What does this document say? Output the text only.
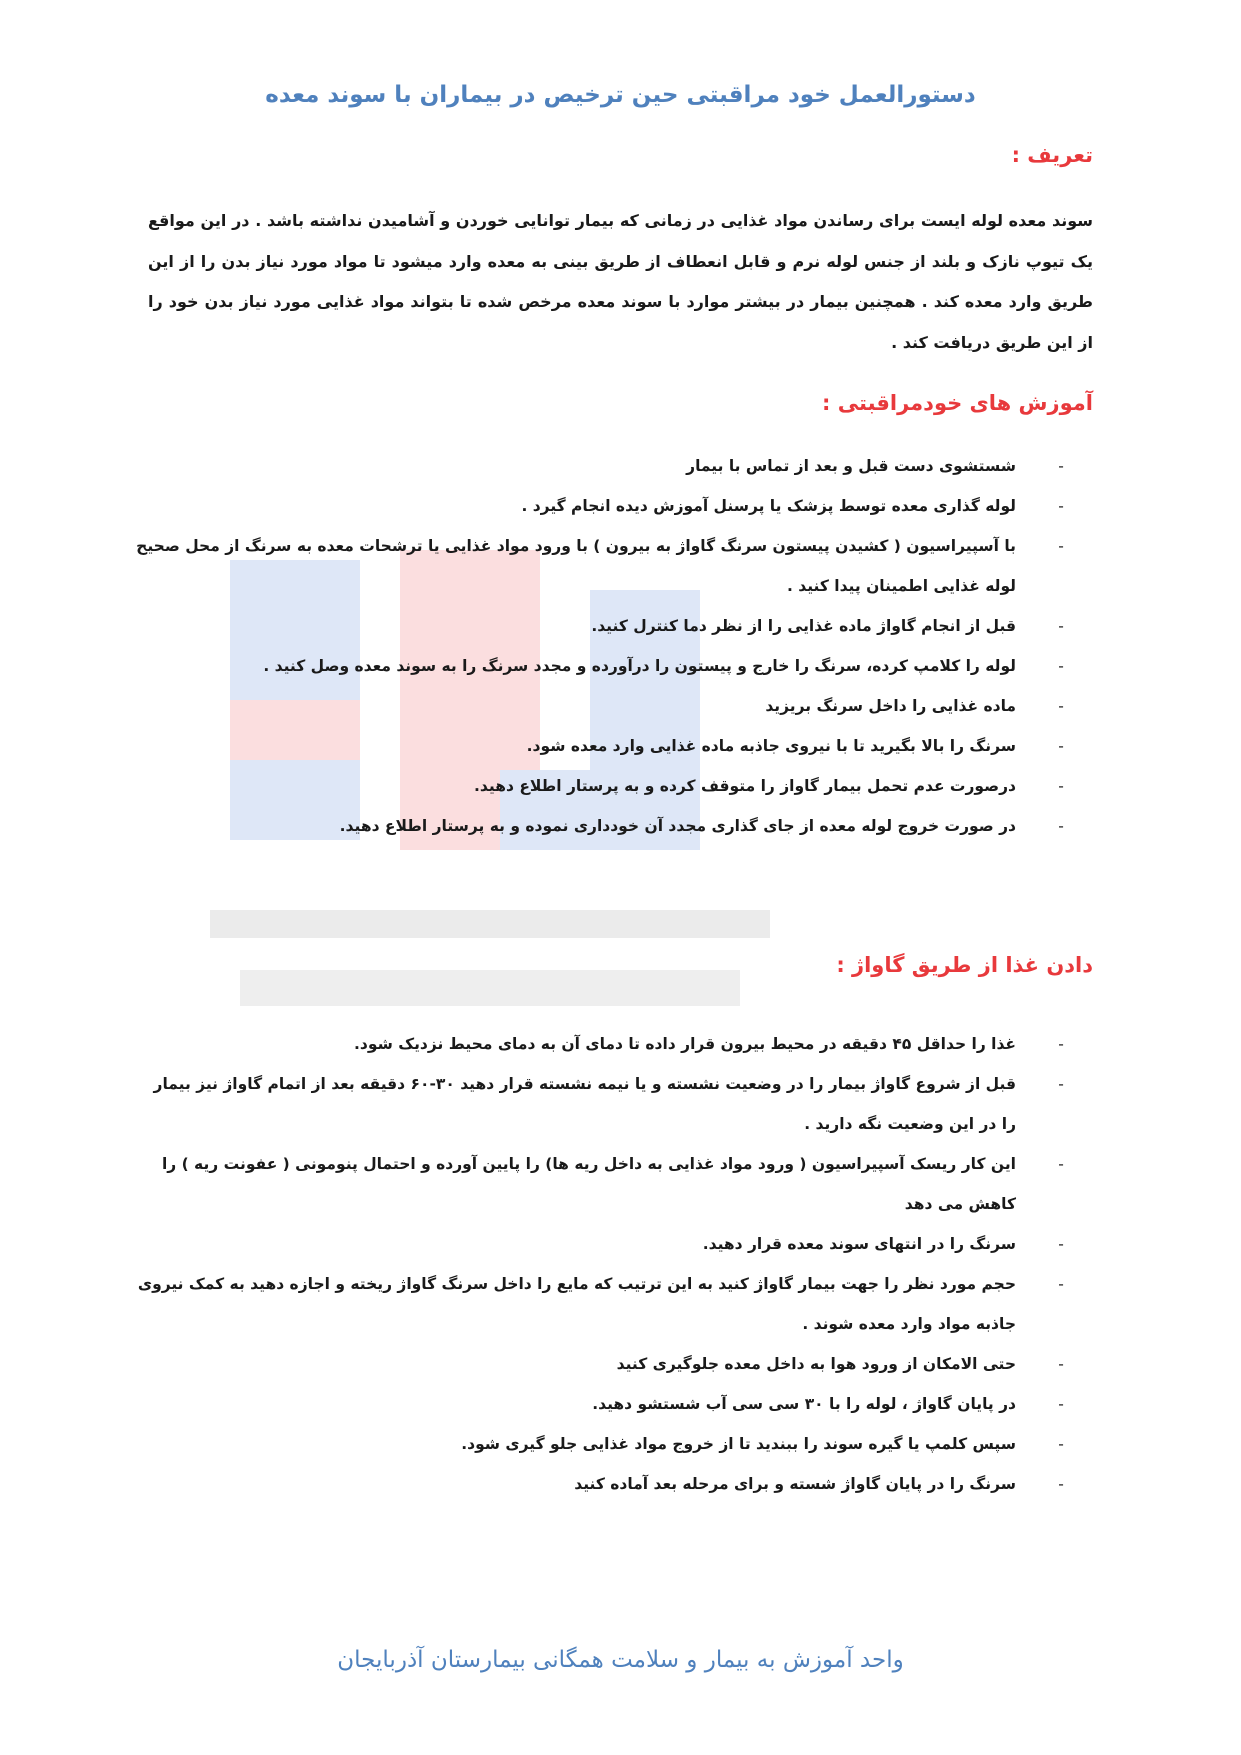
دستورالعمل خود مراقبتی حین ترخیص در بیماران با سوند معده
تعریف :
سوند معده لوله ایست برای رساندن مواد غذایی در زمانی که بیمار توانایی خوردن و آشامیدن نداشته باشد . در این مواقع یک تیوپ نازک و بلند از جنس لوله نرم و قابل انعطاف از طریق بینی به معده وارد میشود تا مواد مورد نیاز بدن را از این طریق وارد معده کند . همچنین بیمار در بیشتر موارد با سوند معده مرخص شده تا بتواند مواد غذایی مورد نیاز بدن خود را از این طریق دریافت کند .
آموزش های خودمراقبتی :
-
شستشوی دست قبل و بعد از تماس با بیمار
-
لوله گذاری معده توسط پزشک یا پرسنل آموزش دیده انجام گیرد .
-
با آسپیراسیون ( کشیدن پیستون سرنگ گاواژ به بیرون ) با ورود مواد غذایی یا ترشحات معده به سرنگ از محل صحیح لوله غذایی اطمینان پیدا کنید .
-
قبل از انجام گاواژ ماده غذایی را از نظر دما کنترل کنید.
-
لوله را کلامپ کرده، سرنگ را خارج و پیستون را درآورده و مجدد سرنگ را به سوند معده وصل کنید .
-
ماده غذایی را داخل سرنگ بریزید
-
سرنگ را بالا بگیرید تا با نیروی جاذبه ماده غذایی وارد معده شود.
-
درصورت عدم تحمل بیمار گاواز را متوقف کرده و به پرستار اطلاع دهید.
-
در صورت خروج لوله معده از جای گذاری مجدد آن خودداری نموده و به پرستار اطلاع دهید.
دادن غذا از طریق گاواژ :
-
غذا را حداقل ۴۵ دقیقه در محیط بیرون قرار داده تا دمای آن به دمای محیط نزدیک شود.
-
قبل از شروع گاواژ بیمار را در وضعیت نشسته و یا نیمه نشسته قرار دهید ۳۰-۶۰ دقیقه بعد از اتمام گاواژ نیز بیمار را در این وضعیت نگه دارید .
-
این کار ریسک آسپیراسیون ( ورود مواد غذایی به داخل ریه ها) را پایین آورده و احتمال پنومونی ( عفونت ریه ) را کاهش می دهد
-
سرنگ را در انتهای سوند معده قرار دهید.
-
حجم مورد نظر را جهت بیمار گاواژ کنید به این ترتیب که مایع را داخل سرنگ گاواژ ریخته و اجازه دهید به کمک نیروی جاذبه مواد وارد معده شوند .
-
حتی الامکان از ورود هوا به داخل معده جلوگیری کنید
-
در پایان گاواژ ، لوله را با ۳۰ سی سی آب شستشو دهید.
-
سپس کلمپ یا گیره سوند را ببندید تا از خروج مواد غذایی جلو گیری شود.
-
سرنگ را در پایان گاواژ شسته و برای مرحله بعد آماده کنید
واحد آموزش به بیمار و سلامت همگانی بیمارستان آذربایجان
